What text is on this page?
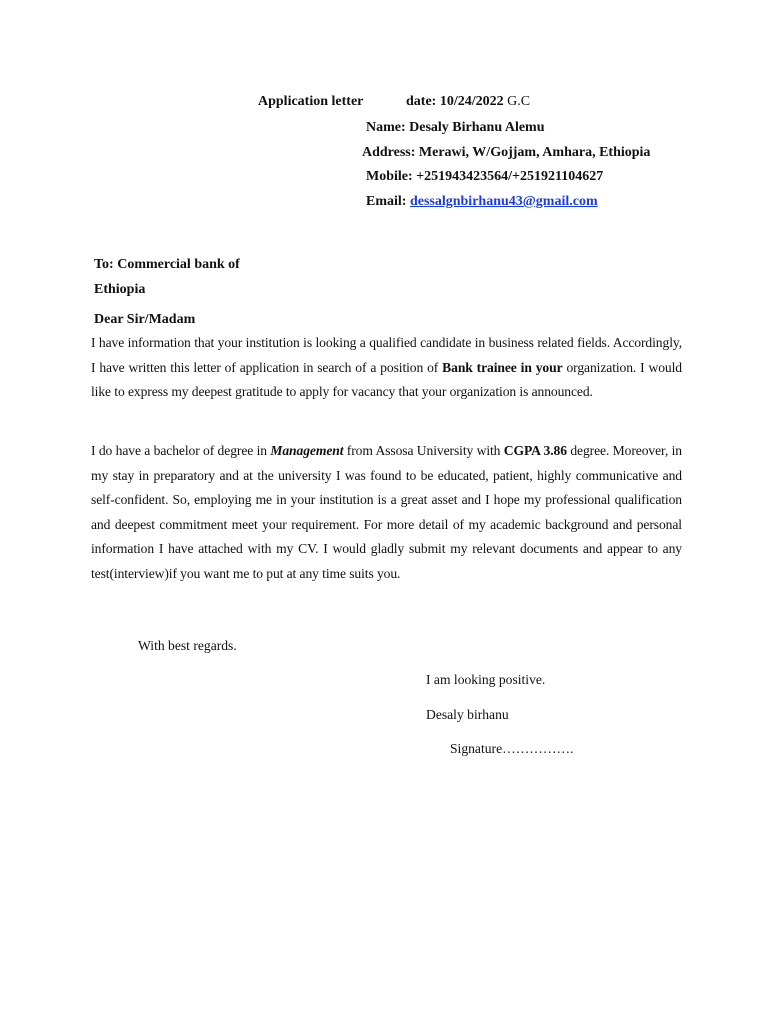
Application letter	date: 10/24/2022 G.C
Name: Desaly Birhanu Alemu
Address: Merawi, W/Gojjam, Amhara, Ethiopia
Mobile: +251943423564/+251921104627
Email: dessalgnbirhanu43@gmail.com
To: Commercial bank of
Ethiopia
Dear Sir/Madam
I have information that your institution is looking a qualified candidate in business related fields. Accordingly, I have written this letter of application in search of a position of Bank trainee in your organization. I would like to express my deepest gratitude to apply for vacancy that your organization is announced.
I do have a bachelor of degree in Management from Assosa University with CGPA 3.86 degree. Moreover, in my stay in preparatory and at the university I was found to be educated, patient, highly communicative and self-confident. So, employing me in your institution is a great asset and I hope my professional qualification and deepest commitment meet your requirement. For more detail of my academic background and personal information I have attached with my CV. I would gladly submit my relevant documents and appear to any test(interview)if you want me to put at any time suits you.
With best regards.
I am looking positive.
Desaly birhanu
Signature…………….
